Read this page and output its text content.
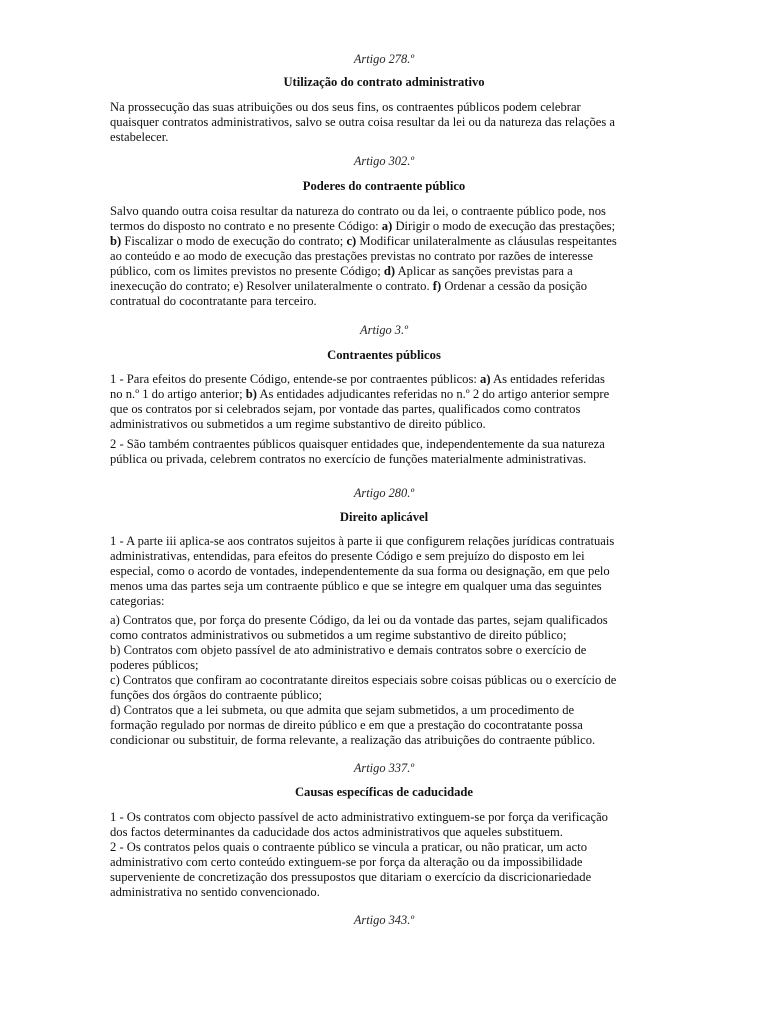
Artigo 278.º
Utilização do contrato administrativo
Na prossecução das suas atribuições ou dos seus fins, os contraentes públicos podem celebrar
quaisquer contratos administrativos, salvo se outra coisa resultar da lei ou da natureza das relações a
estabelecer.
Artigo 302.º
Poderes do contraente público
Salvo quando outra coisa resultar da natureza do contrato ou da lei, o contraente público pode, nos
termos do disposto no contrato e no presente Código: a) Dirigir o modo de execução das prestações;
b) Fiscalizar o modo de execução do contrato; c) Modificar unilateralmente as cláusulas respeitantes
ao conteúdo e ao modo de execução das prestações previstas no contrato por razões de interesse
público, com os limites previstos no presente Código; d) Aplicar as sanções previstas para a
inexecução do contrato; e) Resolver unilateralmente o contrato. f) Ordenar a cessão da posição
contratual do cocontratante para terceiro.
Artigo 3.º
Contraentes públicos
1 - Para efeitos do presente Código, entende-se por contraentes públicos: a) As entidades referidas
no n.º 1 do artigo anterior; b) As entidades adjudicantes referidas no n.º 2 do artigo anterior sempre
que os contratos por si celebrados sejam, por vontade das partes, qualificados como contratos
administrativos ou submetidos a um regime substantivo de direito público.
2 - São também contraentes públicos quaisquer entidades que, independentemente da sua natureza
pública ou privada, celebrem contratos no exercício de funções materialmente administrativas.
Artigo 280.º
Direito aplicável
1 - A parte iii aplica-se aos contratos sujeitos à parte ii que configurem relações jurídicas contratuais
administrativas, entendidas, para efeitos do presente Código e sem prejuízo do disposto em lei
especial, como o acordo de vontades, independentemente da sua forma ou designação, em que pelo
menos uma das partes seja um contraente público e que se integre em qualquer uma das seguintes
categorias:
a) Contratos que, por força do presente Código, da lei ou da vontade das partes, sejam qualificados
como contratos administrativos ou submetidos a um regime substantivo de direito público;
b) Contratos com objeto passível de ato administrativo e demais contratos sobre o exercício de
poderes públicos;
c) Contratos que confiram ao cocontratante direitos especiais sobre coisas públicas ou o exercício de
funções dos órgãos do contraente público;
d) Contratos que a lei submeta, ou que admita que sejam submetidos, a um procedimento de
formação regulado por normas de direito público e em que a prestação do cocontratante possa
condicionar ou substituir, de forma relevante, a realização das atribuições do contraente público.
Artigo 337.º
Causas específicas de caducidade
1 - Os contratos com objecto passível de acto administrativo extinguem-se por força da verificação
dos factos determinantes da caducidade dos actos administrativos que aqueles substituem.
2 - Os contratos pelos quais o contraente público se vincula a praticar, ou não praticar, um acto
administrativo com certo conteúdo extinguem-se por força da alteração ou da impossibilidade
superveniente de concretização dos pressupostos que ditariam o exercício da discricionariedade
administrativa no sentido convencionado.
Artigo 343.º
